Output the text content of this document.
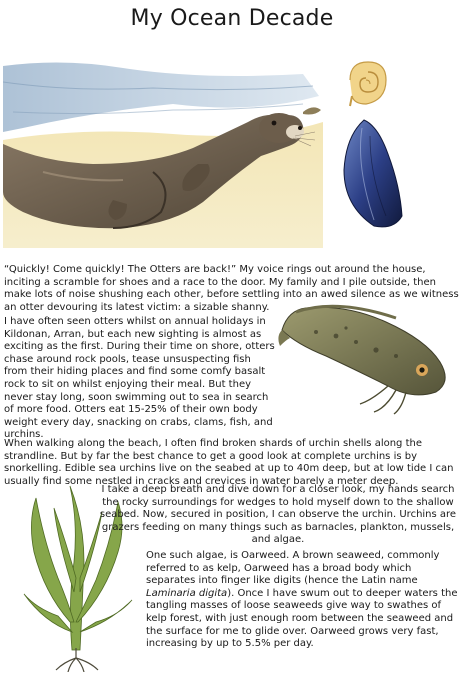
My Ocean Decade

“Quickly! Come quickly! The Otters are back!” My voice rings out around the house, inciting a scramble for shoes and a race to the door. My family and I pile outside, then make lots of noise shushing each other, before settling into an awed silence as we witness an otter devouring its latest victim: a sizable shanny.

I have often seen otters whilst on annual holidays in Kildonan, Arran, but each new sighting is almost as exciting as the first. During their time on shore, otters chase around rock pools, tease unsuspecting fish from their hiding places and find some comfy basalt rock to sit on whilst enjoying their meal. But they never stay long, soon swimming out to sea in search of more food. Otters eat 15-25% of their own body weight every day, snacking on crabs, clams, fish, and urchins.

When walking along the beach, I often find broken shards of urchin shells along the strandline. But by far the best chance to get a good look at complete urchins is by snorkelling. Edible sea urchins live on the seabed at up to 40m deep, but at low tide I can usually find some nestled in cracks and crevices in water barely a meter deep.

I take a deep breath and dive down for a closer look, my hands search the rocky surroundings for wedges to hold myself down to the shallow seabed. Now, secured in position, I can observe the urchin. Urchins are grazers feeding on many things such as barnacles, plankton, mussels, and algae.

One such algae, is Oarweed. A brown seaweed, commonly referred to as kelp, Oarweed has a broad body which separates into finger like digits (hence the Latin name Laminaria digita). Once I have swum out to deeper waters the tangling masses of loose seaweeds give way to swathes of kelp forest, with just enough room between the seaweed and the surface for me to glide over. Oarweed grows very fast, increasing by up to 5.5% per day.
